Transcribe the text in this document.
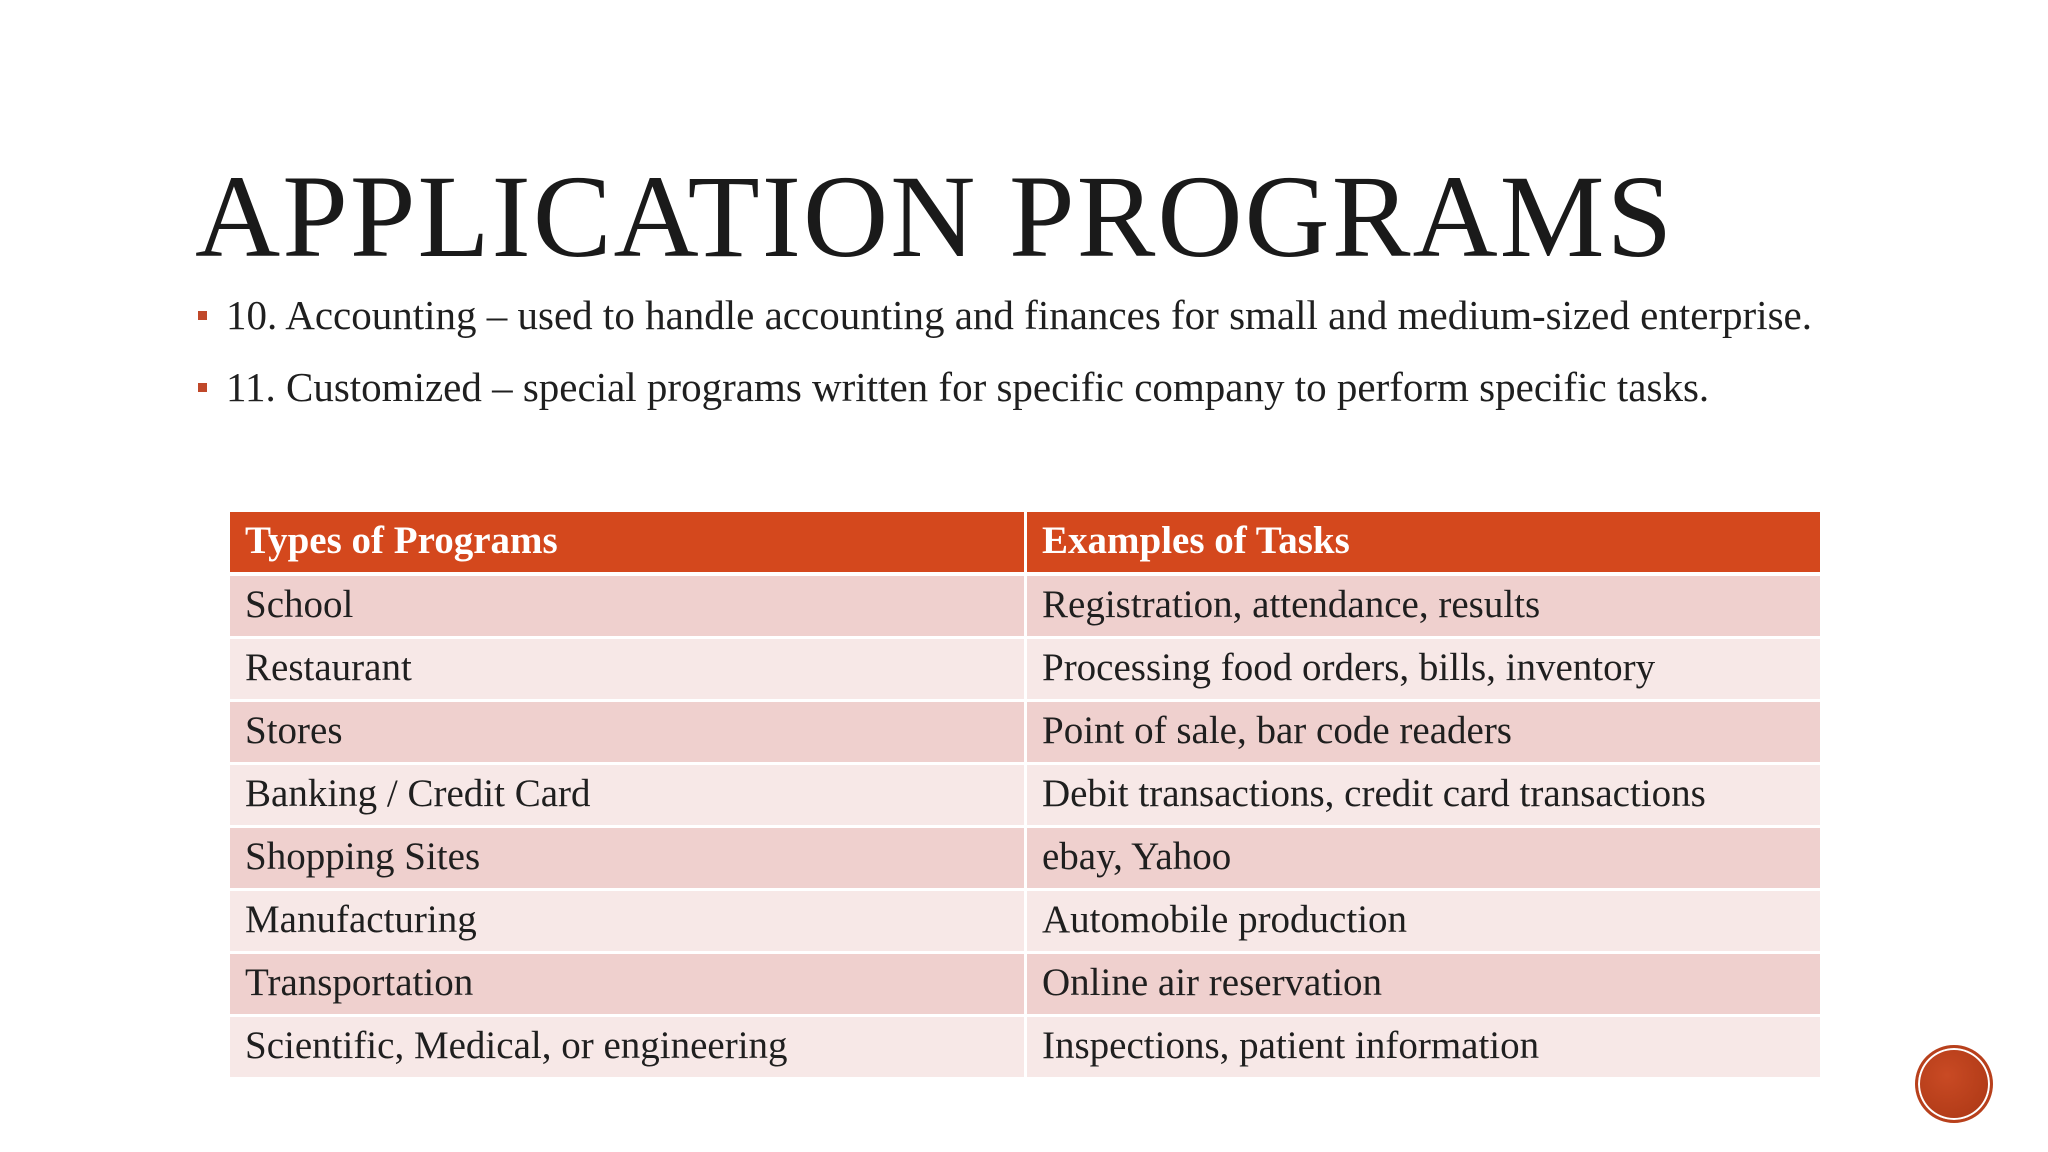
APPLICATION PROGRAMS
10. Accounting – used to handle accounting and finances for small and medium-sized enterprise.
11. Customized – special programs written for specific company to perform specific tasks.
Types of Programs	Examples of Tasks
School	Registration, attendance, results
Restaurant	Processing food orders, bills, inventory
Stores	Point of sale, bar code readers
Banking / Credit Card	Debit transactions, credit card transactions
Shopping Sites	ebay, Yahoo
Manufacturing	Automobile production
Transportation	Online air reservation
Scientific, Medical, or engineering	Inspections, patient information
